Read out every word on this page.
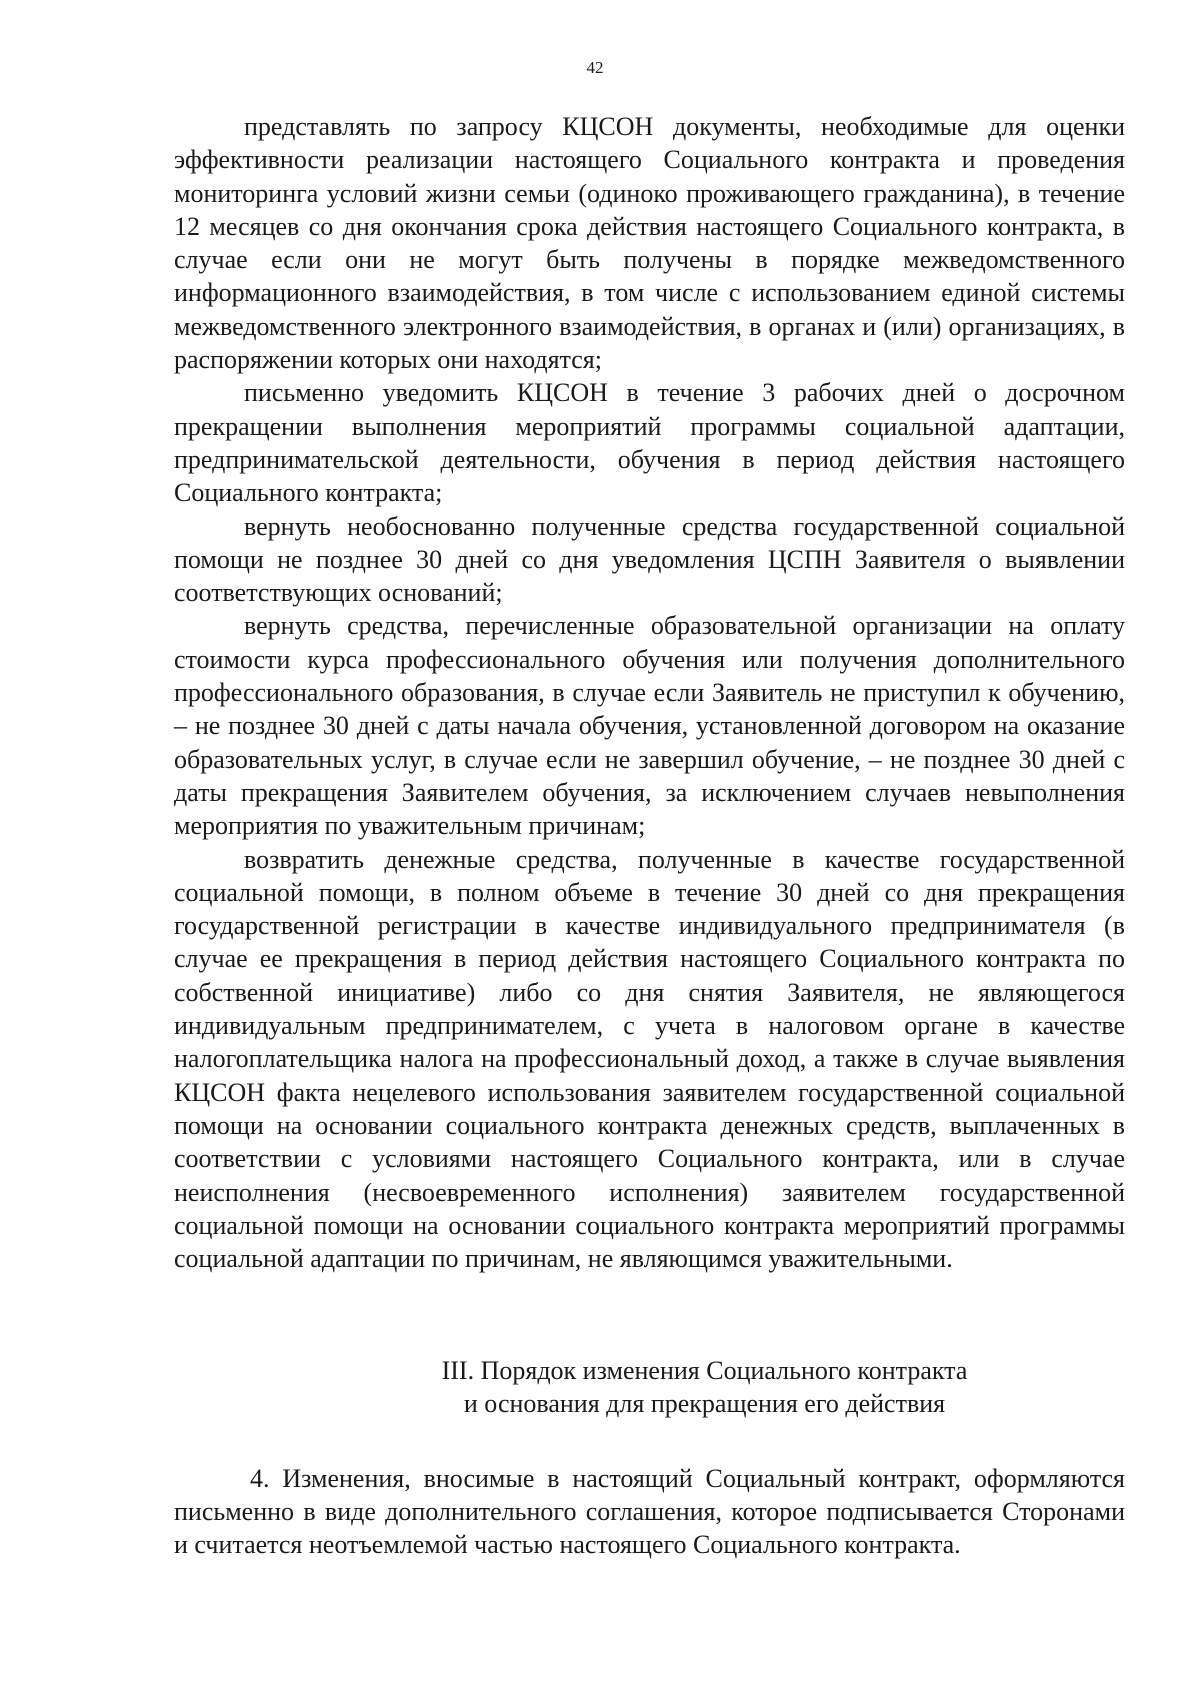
42

представлять по запросу КЦСОН документы, необходимые для оценки эффективности реализации настоящего Социального контракта и проведения мониторинга условий жизни семьи (одиноко проживающего гражданина), в течение 12 месяцев со дня окончания срока действия настоящего Социального контракта, в случае если они не могут быть получены в порядке межведомственного информационного взаимодействия, в том числе с использованием единой системы межведомственного электронного взаимодействия, в органах и (или) организациях, в распоряжении которых они находятся;

письменно уведомить КЦСОН в течение 3 рабочих дней о досрочном прекращении выполнения мероприятий программы социальной адаптации, предпринимательской деятельности, обучения в период действия настоящего Социального контракта;

вернуть необоснованно полученные средства государственной социальной помощи не позднее 30 дней со дня уведомления ЦСПН Заявителя о выявлении соответствующих оснований;

вернуть средства, перечисленные образовательной организации на оплату стоимости курса профессионального обучения или получения дополнительного профессионального образования, в случае если Заявитель не приступил к обучению, – не позднее 30 дней с даты начала обучения, установленной договором на оказание образовательных услуг, в случае если не завершил обучение, – не позднее 30 дней с даты прекращения Заявителем обучения, за исключением случаев невыполнения мероприятия по уважительным причинам;

возвратить денежные средства, полученные в качестве государственной социальной помощи, в полном объеме в течение 30 дней со дня прекращения государственной регистрации в качестве индивидуального предпринимателя (в случае ее прекращения в период действия настоящего Социального контракта по собственной инициативе) либо со дня снятия Заявителя, не являющегося индивидуальным предпринимателем, с учета в налоговом органе в качестве налогоплательщика налога на профессиональный доход, а также в случае выявления КЦСОН факта нецелевого использования заявителем государственной социальной помощи на основании социального контракта денежных средств, выплаченных в соответствии с условиями настоящего Социального контракта, или в случае неисполнения (несвоевременного исполнения) заявителем государственной социальной помощи на основании социального контракта мероприятий программы социальной адаптации по причинам, не являющимся уважительными.

III. Порядок изменения Социального контракта
и основания для прекращения его действия

4. Изменения, вносимые в настоящий Социальный контракт, оформляются письменно в виде дополнительного соглашения, которое подписывается Сторонами и считается неотъемлемой частью настоящего Социального контракта.
